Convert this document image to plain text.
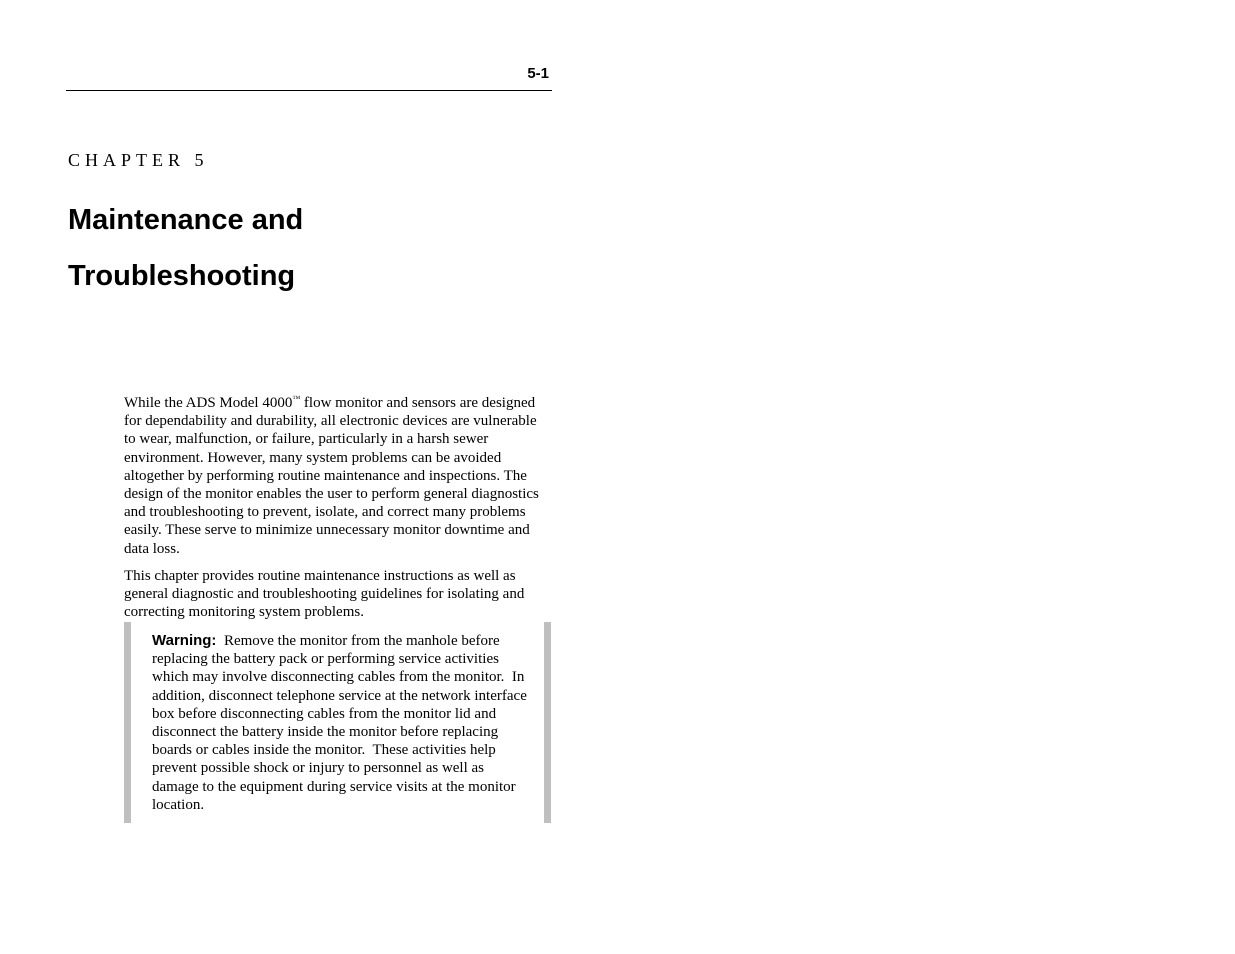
5-1
CHAPTER 5
Maintenance and
Troubleshooting

While the ADS Model 4000™ flow monitor and sensors are designed for dependability and durability, all electronic devices are vulnerable to wear, malfunction, or failure, particularly in a harsh sewer environment. However, many system problems can be avoided altogether by performing routine maintenance and inspections. The design of the monitor enables the user to perform general diagnostics and troubleshooting to prevent, isolate, and correct many problems easily. These serve to minimize unnecessary monitor downtime and data loss.

This chapter provides routine maintenance instructions as well as general diagnostic and troubleshooting guidelines for isolating and correcting monitoring system problems.

Warning:  Remove the monitor from the manhole before replacing the battery pack or performing service activities which may involve disconnecting cables from the monitor.  In addition, disconnect telephone service at the network interface box before disconnecting cables from the monitor lid and disconnect the battery inside the monitor before replacing boards or cables inside the monitor.  These activities help prevent possible shock or injury to personnel as well as damage to the equipment during service visits at the monitor location.
